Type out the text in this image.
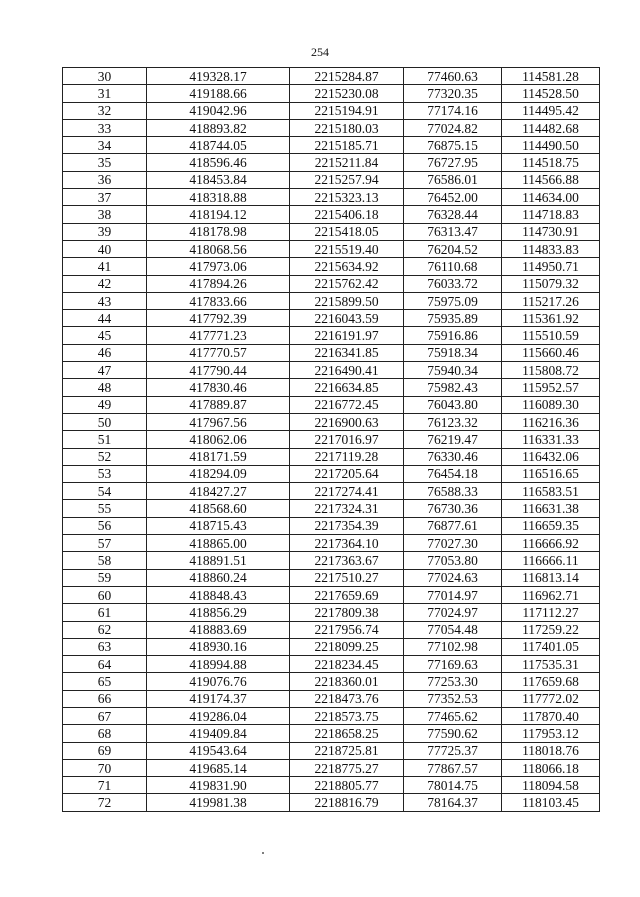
254
30	419328.17	2215284.87	77460.63	114581.28
31	419188.66	2215230.08	77320.35	114528.50
32	419042.96	2215194.91	77174.16	114495.42
33	418893.82	2215180.03	77024.82	114482.68
34	418744.05	2215185.71	76875.15	114490.50
35	418596.46	2215211.84	76727.95	114518.75
36	418453.84	2215257.94	76586.01	114566.88
37	418318.88	2215323.13	76452.00	114634.00
38	418194.12	2215406.18	76328.44	114718.83
39	418178.98	2215418.05	76313.47	114730.91
40	418068.56	2215519.40	76204.52	114833.83
41	417973.06	2215634.92	76110.68	114950.71
42	417894.26	2215762.42	76033.72	115079.32
43	417833.66	2215899.50	75975.09	115217.26
44	417792.39	2216043.59	75935.89	115361.92
45	417771.23	2216191.97	75916.86	115510.59
46	417770.57	2216341.85	75918.34	115660.46
47	417790.44	2216490.41	75940.34	115808.72
48	417830.46	2216634.85	75982.43	115952.57
49	417889.87	2216772.45	76043.80	116089.30
50	417967.56	2216900.63	76123.32	116216.36
51	418062.06	2217016.97	76219.47	116331.33
52	418171.59	2217119.28	76330.46	116432.06
53	418294.09	2217205.64	76454.18	116516.65
54	418427.27	2217274.41	76588.33	116583.51
55	418568.60	2217324.31	76730.36	116631.38
56	418715.43	2217354.39	76877.61	116659.35
57	418865.00	2217364.10	77027.30	116666.92
58	418891.51	2217363.67	77053.80	116666.11
59	418860.24	2217510.27	77024.63	116813.14
60	418848.43	2217659.69	77014.97	116962.71
61	418856.29	2217809.38	77024.97	117112.27
62	418883.69	2217956.74	77054.48	117259.22
63	418930.16	2218099.25	77102.98	117401.05
64	418994.88	2218234.45	77169.63	117535.31
65	419076.76	2218360.01	77253.30	117659.68
66	419174.37	2218473.76	77352.53	117772.02
67	419286.04	2218573.75	77465.62	117870.40
68	419409.84	2218658.25	77590.62	117953.12
69	419543.64	2218725.81	77725.37	118018.76
70	419685.14	2218775.27	77867.57	118066.18
71	419831.90	2218805.77	78014.75	118094.58
72	419981.38	2218816.79	78164.37	118103.45
